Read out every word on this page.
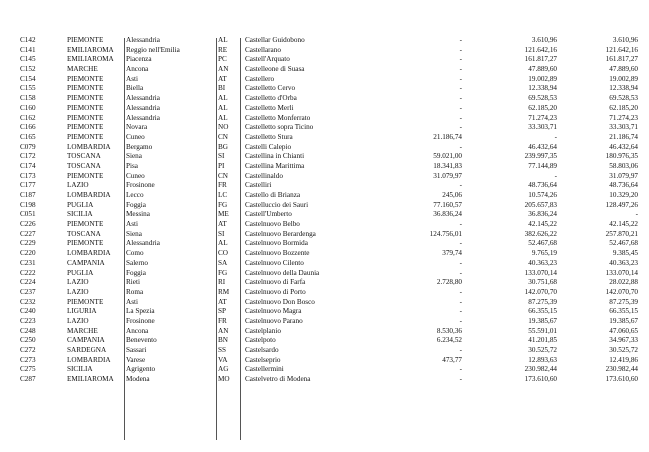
C142	PIEMONTE	Alessandria	AL	Castellar Guidobono	-	3.610,96	3.610,96
C141	EMILIAROMA	Reggio nell'Emilia	RE	Castellarano	-	121.642,16	121.642,16
C145	EMILIAROMA	Piacenza	PC	Castell'Arquato	-	161.817,27	161.817,27
C152	MARCHE	Ancona	AN	Castelleone di Suasa	-	47.889,60	47.889,60
C154	PIEMONTE	Asti	AT	Castellero	-	19.002,89	19.002,89
C155	PIEMONTE	Biella	BI	Castelletto Cervo	-	12.338,94	12.338,94
C158	PIEMONTE	Alessandria	AL	Castelletto d'Orba	-	69.528,53	69.528,53
C160	PIEMONTE	Alessandria	AL	Castelletto Merli	-	62.185,20	62.185,20
C162	PIEMONTE	Alessandria	AL	Castelletto Monferrato	-	71.274,23	71.274,23
C166	PIEMONTE	Novara	NO	Castelletto sopra Ticino	-	33.303,71	33.303,71
C165	PIEMONTE	Cuneo	CN	Castelletto Stura	21.186,74	-	21.186,74
C079	LOMBARDIA	Bergamo	BG	Castelli Calepio	-	46.432,64	46.432,64
C172	TOSCANA	Siena	SI	Castellina in Chianti	59.021,00	239.997,35	180.976,35
C174	TOSCANA	Pisa	PI	Castellina Marittima	18.341,83	77.144,89	58.803,06
C173	PIEMONTE	Cuneo	CN	Castellinaldo	31.079,97	-	31.079,97
C177	LAZIO	Frosinone	FR	Castelliri	-	48.736,64	48.736,64
C187	LOMBARDIA	Lecco	LC	Castello di Brianza	245,06	10.574,26	10.329,20
C198	PUGLIA	Foggia	FG	Castelluccio dei Sauri	77.160,57	205.657,83	128.497,26
C051	SICILIA	Messina	ME	Castell'Umberto	36.836,24	36.836,24	-
C226	PIEMONTE	Asti	AT	Castelnuovo Belbo	-	42.145,22	42.145,22
C227	TOSCANA	Siena	SI	Castelnuovo Berardenga	124.756,01	382.626,22	257.870,21
C229	PIEMONTE	Alessandria	AL	Castelnuovo Bormida	-	52.467,68	52.467,68
C220	LOMBARDIA	Como	CO	Castelnuovo Bozzente	379,74	9.765,19	9.385,45
C231	CAMPANIA	Salerno	SA	Castelnuovo Cilento	-	40.363,23	40.363,23
C222	PUGLIA	Foggia	FG	Castelnuovo della Daunia	-	133.070,14	133.070,14
C224	LAZIO	Rieti	RI	Castelnuovo di Farfa	2.728,80	30.751,68	28.022,88
C237	LAZIO	Roma	RM	Castelnuovo di Porto	-	142.070,70	142.070,70
C232	PIEMONTE	Asti	AT	Castelnuovo Don Bosco	-	87.275,39	87.275,39
C240	LIGURIA	La Spezia	SP	Castelnuovo Magra	-	66.355,15	66.355,15
C223	LAZIO	Frosinone	FR	Castelnuovo Parano	-	19.385,67	19.385,67
C248	MARCHE	Ancona	AN	Castelplanio	8.530,36	55.591,01	47.060,65
C250	CAMPANIA	Benevento	BN	Castelpoto	6.234,52	41.201,85	34.967,33
C272	SARDEGNA	Sassari	SS	Castelsardo	-	30.525,72	30.525,72
C273	LOMBARDIA	Varese	VA	Castelseprio	473,77	12.893,63	12.419,86
C275	SICILIA	Agrigento	AG	Castellermini	-	230.982,44	230.982,44
C287	EMILIAROMA	Modena	MO	Castelvetro di Modena	-	173.610,60	173.610,60
